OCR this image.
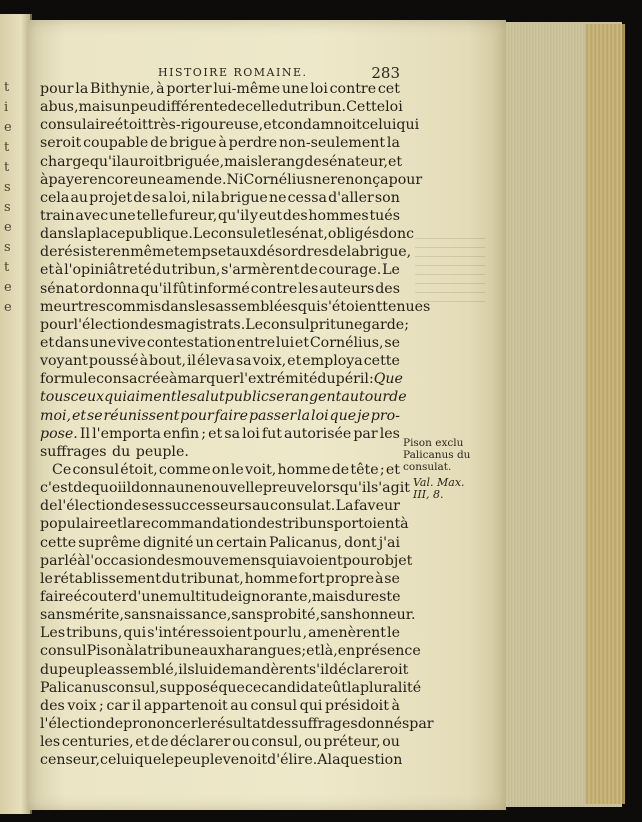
t
i
e
t
t
s
s
e
s
t
e
e
HISTOIRE ROMAINE.	283
pour la Bithynie, à porter lui-même une loi contre cet
abus, mais un peu différente de celle du tribun. Cette loi
consulaire étoit très-rigoureuse, et condamnoit celui qui
seroit coupable de brigue à perdre non-seulement la
charge qu'il auroit briguée, mais le rang de sénateur, et
à payer encore une amende. Ni Cornélius ne renonça pour
cela au projet de sa loi, ni la brigue ne cessa d'aller son
train avec une telle fureur, qu'il y eut des hommes tués
dans la place publique. Le consul et le sénat, obligés donc
de résister en même temps et aux désordres de la brigue,
et à l'opiniâtreté du tribun, s'armèrent de courage. Le
sénat ordonna qu'il fût informé contre les auteurs des
meurtres commis dans les assemblées qui s'étoient tenues
pour l'élection des magistrats. Le consul prit une garde;
et dans une vive contestation entre lui et Cornélius, se
voyant poussé à bout, il éleva sa voix, et employa cette
formule consacrée à marquer l'extrémité du péril : Que
tous ceux qui aiment le salut public se rangent autour de
moi, et se réunissent pour faire passer la loi que je pro-
pose. Il l'emporta enfin ; et sa loi fut autorisée par les
suffrages du peuple.
Ce consul étoit, comme on le voit, homme de tête ; et
c'est de quoi il donna une nouvelle preuve lorsqu'il s'agit
de l'élection de ses successeurs au consulat. La faveur
populaire et la recommandation des tribuns portoient à
cette suprême dignité un certain Palicanus, dont j'ai
parlé à l'occasion des mouvemens qui avoient pour objet
le rétablissement du tribunat, homme fort propre à se
faire écouter d'une multitude ignorante, mais du reste
sans mérite, sans naissance, sans probité, sans honneur.
Les tribuns, qui s'intéressoient pour lu , amenèrent le
consul Pison à la tribune aux harangues ; et là, en présence
du peuple assemblé, ils lui demandèrent s'il déclareroit
Palicanus consul, supposé que ce candidat eût la pluralité
des voix ; car il appartenoit au consul qui présidoit à
l'élection de prononcer le résultat des suffrages donnés par
les centuries, et de déclarer ou consul, ou préteur, ou
censeur, celui que le peuple venoit d'élire. A la question
Pison exclu
Palicanus du
consulat.
Val. Max. III, 8.
